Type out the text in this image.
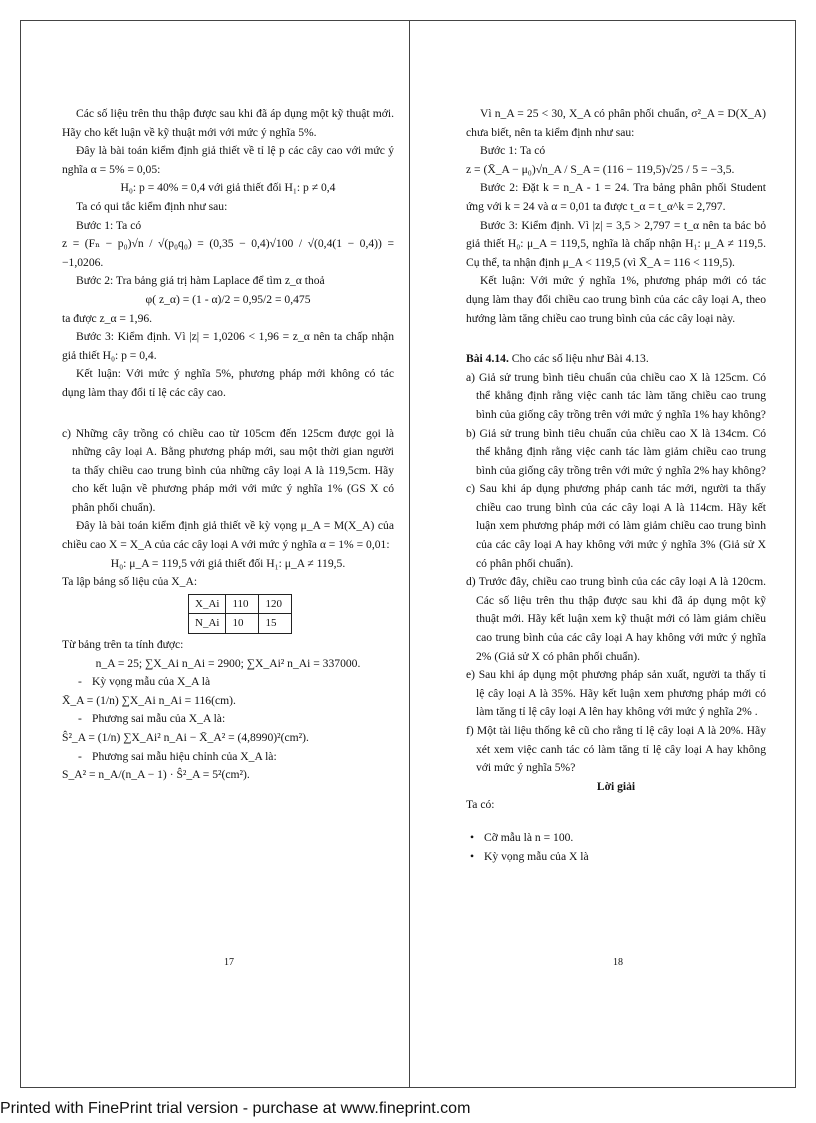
Các số liệu trên thu thập được sau khi đã áp dụng một kỹ thuật mới. Hãy cho kết luận về kỹ thuật mới với mức ý nghĩa 5%.

Đây là bài toán kiểm định giả thiết về tỉ lệ p các cây cao với mức ý nghĩa α = 5% = 0,05:

H₀: p = 40% = 0,4 với giả thiết đối H₁: p ≠ 0,4

Ta có qui tắc kiểm định như sau:

Bước 1: Ta có

z = (Fₙ − p₀)√n / √(p₀q₀) = (0,35 − 0,4)√100 / √(0,4(1 − 0,4)) = −1,0206.

Bước 2: Tra bảng giá trị hàm Laplace để tìm z_α thoả

φ( z_α) = (1 - α)/2 = 0,95/2 = 0,475

ta được z_α = 1,96.

Bước 3: Kiểm định. Vì |z| = 1,0206 < 1,96 = z_α nên ta chấp nhận giả thiết H₀: p = 0,4.

Kết luận: Với mức ý nghĩa 5%, phương pháp mới không có tác dụng làm thay đổi tỉ lệ các cây cao.

c) Những cây trồng có chiều cao từ 105cm đến 125cm được gọi là những cây loại A. Bằng phương pháp mới, sau một thời gian người ta thấy chiều cao trung bình của những cây loại A là 119,5cm. Hãy cho kết luận về phương pháp mới với mức ý nghĩa 1% (GS X có phân phối chuẩn).

Đây là bài toán kiểm định giả thiết về kỳ vọng μ_A = M(X_A) của chiều cao X = X_A của các cây loại A với mức ý nghĩa α = 1% = 0,01:

H₀: μ_A = 119,5 với giả thiết đối H₁: μ_A ≠ 119,5.

Ta lập bảng số liệu của X_A:

X_Ai	110	120
N_Ai	10	15

Từ bảng trên ta tính được:

n_A = 25; ∑X_Ai n_Ai = 2900; ∑X_Ai² n_Ai = 337000.

- Kỳ vọng mẫu của X_A là

X̄_A = (1/n) ∑X_Ai n_Ai = 116(cm).

- Phương sai mẫu của X_A là:

Ŝ²_A = (1/n) ∑X_Ai² n_Ai − X̄_A² = (4,8990)²(cm²).

- Phương sai mẫu hiệu chỉnh của X_A là:

S_A² = n_A/(n_A − 1) · Ŝ²_A = 5²(cm²).

17

Vì n_A = 25 < 30, X_A có phân phối chuẩn, σ²_A = D(X_A) chưa biết, nên ta kiểm định như sau:

Bước 1: Ta có

z = (X̄_A − μ₀)√n_A / S_A = (116 − 119,5)√25 / 5 = −3,5.

Bước 2: Đặt k = n_A - 1 = 24. Tra bảng phân phối Student ứng với k = 24 và α = 0,01 ta được t_α = t_α^k = 2,797.

Bước 3: Kiểm định. Vì |z| = 3,5 > 2,797 = t_α nên ta bác bỏ giả thiết H₀: μ_A = 119,5, nghĩa là chấp nhận H₁: μ_A ≠ 119,5. Cụ thể, ta nhận định μ_A < 119,5 (vì X̄_A = 116 < 119,5).

Kết luận: Với mức ý nghĩa 1%, phương pháp mới có tác dụng làm thay đổi chiều cao trung bình của các cây loại A, theo hướng làm tăng chiều cao trung bình của các cây loại này.

Bài 4.14. Cho các số liệu như Bài 4.13.

a) Giả sử trung bình tiêu chuẩn của chiều cao X là 125cm. Có thể khẳng định rằng việc canh tác làm tăng chiều cao trung bình của giống cây trồng trên với mức ý nghĩa 1% hay không?

b) Giả sử trung bình tiêu chuẩn của chiều cao X là 134cm. Có thể khẳng định rằng việc canh tác làm giảm chiều cao trung bình của giống cây trồng trên với mức ý nghĩa 2% hay không?

c) Sau khi áp dụng phương pháp canh tác mới, người ta thấy chiều cao trung bình của các cây loại A là 114cm. Hãy kết luận xem phương pháp mới có làm giảm chiều cao trung bình của các cây loại A hay không với mức ý nghĩa 3% (Giả sử X có phân phối chuẩn).

d) Trước đây, chiều cao trung bình của các cây loại A là 120cm. Các số liệu trên thu thập được sau khi đã áp dụng một kỹ thuật mới. Hãy kết luận xem kỹ thuật mới có làm giảm chiều cao trung bình của các cây loại A hay không với mức ý nghĩa 2% (Giả sử X có phân phối chuẩn).

e) Sau khi áp dụng một phương pháp sản xuất, người ta thấy tỉ lệ cây loại A là 35%. Hãy kết luận xem phương pháp mới có làm tăng tỉ lệ cây loại A lên hay không với mức ý nghĩa 2% .

f) Một tài liệu thống kê cũ cho rằng tỉ lệ cây loại A là 20%. Hãy xét xem việc canh tác có làm tăng tỉ lệ cây loại A hay không với mức ý nghĩa 5%?

Lời giải

Ta có:

• Cỡ mẫu là n = 100.

• Kỳ vọng mẫu của X là

18
Printed with FinePrint trial version - purchase at www.fineprint.com
